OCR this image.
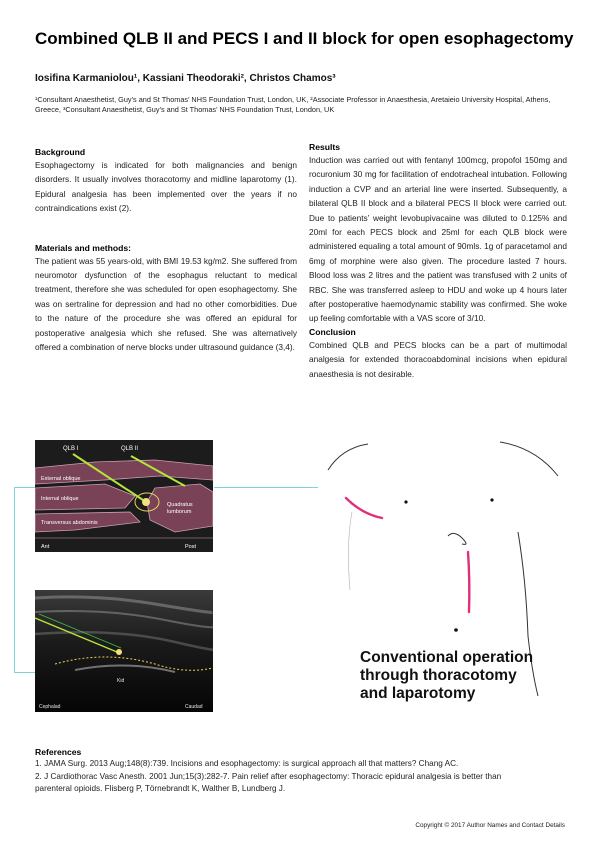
Combined QLB II and PECS I and II block for open esophagectomy
Iosifina Karmaniolou¹, Kassiani Theodoraki², Christos Chamos³
¹Consultant Anaesthetist, Guy’s and St Thomas’ NHS Foundation Trust, London, UK, ²Associate Professor in Anaesthesia, Aretaieio University Hospital, Athens, Greece, ³Consultant Anaesthetist, Guy’s and St Thomas’ NHS Foundation Trust, London, UK
Background
Esophagectomy is indicated for both malignancies and benign disorders. It usually involves thoracotomy and midline laparotomy (1). Epidural analgesia has been implemented over the years if no contraindications exist (2).
Materials and methods:
The patient was 55 years-old, with BMI 19.53 kg/m2. She suffered from neuromotor dysfunction of the esophagus reluctant to medical treatment, therefore she was scheduled for open esophagectomy. She was on sertraline for depression and had no other comorbidities. Due to the nature of the procedure she was offered an epidural for postoperative analgesia which she refused. She was alternatively offered a combination of nerve blocks under ultrasound guidance (3,4).
Results
Induction was carried out with fentanyl 100mcg, propofol 150mg and rocuronium 30 mg for facilitation of endotracheal intubation. Following induction a CVP and an arterial line were inserted. Subsequently, a bilateral QLB II block and a bilateral PECS II block were carried out. Due to patients’ weight levobupivacaine was diluted to 0.125% and 20ml for each PECS block and 25ml for each QLB block were administered equaling a total amount of 90mls. 1g of paracetamol and 6mg of morphine were also given. The procedure lasted 7 hours. Blood loss was 2 litres and the patient was transfused with 2 units of RBC. She was transferred asleep to HDU and woke up 4 hours later after postoperative haemodynamic stability was confirmed. She woke up feeling comfortable with a VAS score of 3/10.
Conclusion
Combined QLB and PECS blocks can be a part of multimodal analgesia for extended thoracoabdominal incisions when epidural anaesthesia is not desirable.
QLB I	QLB II
External oblique
Internal oblique
Transversus abdominis
Quadratus
lumborum
Ant	Post
Kid
Cephalad	Caudad
Conventional operation
through thoracotomy
and laparotomy
References
1. JAMA Surg. 2013 Aug;148(8):739. Incisions and esophagectomy: is surgical approach all that matters? Chang AC.
2. J Cardiothorac Vasc Anesth. 2001 Jun;15(3):282-7. Pain relief after esophagectomy: Thoracic epidural analgesia is better than
parenteral opioids. Flisberg P, Törnebrandt K, Walther B, Lundberg J.
Copyright © 2017 Author Names and Contact Details
